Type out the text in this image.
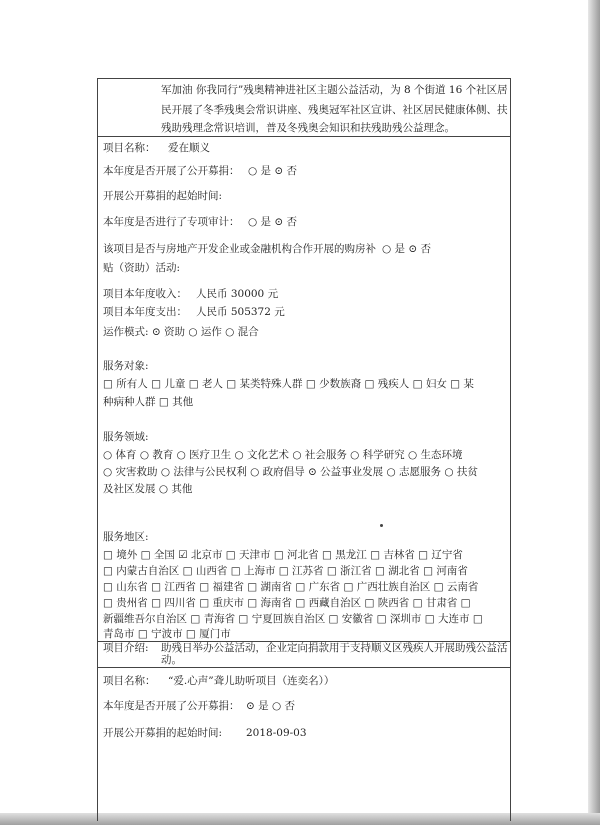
军加油 你我同行”残奥精神进社区主题公益活动，为 8 个街道 16 个社区居
民开展了冬季残奥会常识讲座、残奥冠军社区宣讲、社区居民健康体侧、扶
残助残理念常识培训，普及冬残奥会知识和扶残助残公益理念。
项目名称： 爱在顺义
本年度是否开展了公开募捐： ○ 是 ⊙ 否
开展公开募捐的起始时间:
本年度是否进行了专项审计： ○ 是 ⊙ 否
该项目是否与房地产开发企业或金融机构合作开展的购房补 ○ 是 ⊙ 否
贴（资助）活动:
项目本年度收入： 人民币 30000 元
项目本年度支出： 人民币 505372 元
运作模式: ⊙ 资助 ○ 运作 ○ 混合
服务对象:
□ 所有人 □ 儿童 □ 老人 □ 某类特殊人群 □ 少数族裔 □ 残疾人 □ 妇女 □ 某
种病种人群 □ 其他
服务领域:
○ 体育 ○ 教育 ○ 医疗卫生 ○ 文化艺术 ○ 社会服务 ○ 科学研究 ○ 生态环境
○ 灾害救助 ○ 法律与公民权利 ○ 政府倡导 ⊙ 公益事业发展 ○ 志愿服务 ○ 扶贫
及社区发展 ○ 其他
服务地区:
□ 境外 □ 全国 ☑ 北京市 □ 天津市 □ 河北省 □ 黑龙江 □ 吉林省 □ 辽宁省
□ 内蒙古自治区 □ 山西省 □ 上海市 □ 江苏省 □ 浙江省 □ 湖北省 □ 河南省
□ 山东省 □ 江西省 □ 福建省 □ 湖南省 □ 广东省 □ 广西壮族自治区 □ 云南省
□ 贵州省 □ 四川省 □ 重庆市 □ 海南省 □ 西藏自治区 □ 陕西省 □ 甘肃省 □
新疆维吾尔自治区 □ 青海省 □ 宁夏回族自治区 □ 安徽省 □ 深圳市 □ 大连市 □
青岛市 □ 宁波市 □ 厦门市
项目介绍: 助残日举办公益活动，企业定向捐款用于支持顺义区残疾人开展助残公益活
动。
项目名称： “爱.心声”聋儿助听项目（连奕名））
本年度是否开展了公开募捐： ⊙ 是 ○ 否
开展公开募捐的起始时间: 2018-09-03
